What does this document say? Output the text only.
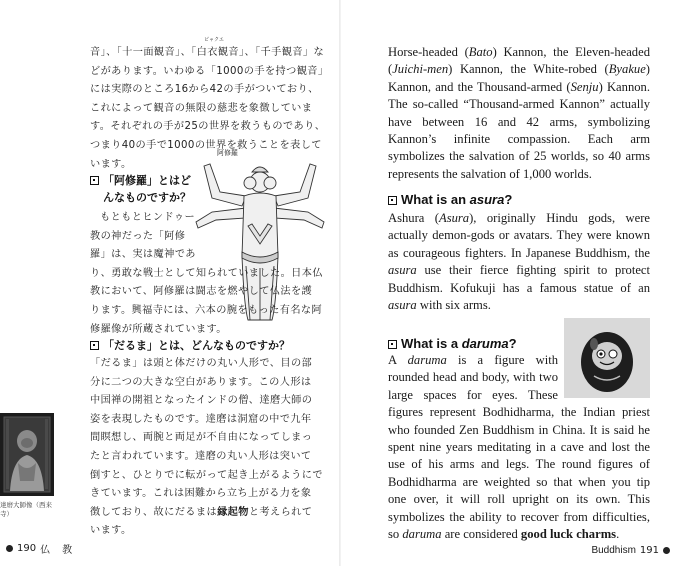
ビャクエ

音」、「十一面観音」、「白衣観音」、「千手観音」な

どがあります。いわゆる「1000の手を持つ観音」

には実際のところ16から42の手がついており、

これによって観音の無限の慈悲を象徴していま

す。それぞれの手が25の世界を救うものであり、

つまり40の手で1000の世界を救うことを表して

います。

阿修羅
「阿修羅」とはど
んなものですか？

もともとヒンドゥー

教の神だった「阿修

羅」は、実は魔神であ

り、勇敢な戦士として知られていました。日本仏

教において、阿修羅は闘志を燃やして仏法を護

ります。興福寺には、六本の腕をもった有名な阿

修羅像が所蔵されています。

「だるま」とは、どんなものですか？

「だるま」は頭と体だけの丸い人形で、目の部

分に二つの大きな空白があります。この人形は

中国禅の開祖となったインドの僧、達磨大師の

姿を表現したものです。達磨は洞窟の中で九年

間瞑想し、両腕と両足が不自由になってしまっ

たと言われています。達磨の丸い人形は突いて

倒すと、ひとりでに転がって起き上がるようにで

きています。これは困難から立ち上がる力を象

徴しており、故にだるまは縁起物と考えられて

います。

達磨大師像（西来寺）
190 仏　教

Horse-headed (Bato) Kannon, the Eleven-headed (Juichi-men) Kannon, the White-robed (Byakue) Kannon, and the Thousand-armed (Senju) Kannon. The so-called “Thousand-armed Kannon” actually have between 16 and 42 arms, symbolizing Kannon’s infinite compassion. Each arm symbolizes the salvation of 25 worlds, so 40 arms represents the salvation of 1,000 worlds.

What is an asura?

Ashura (Asura), originally Hindu gods, were actually demon-gods or avatars. They were known as courageous fighters. In Japanese Buddhism, the asura use their fierce fighting spirit to protect Buddhism. Kofukuji has a famous statue of an asura with six arms.

What is a daruma?

A daruma is a figure with rounded head and body, with two large spaces for eyes. These figures represent Bodhidharma, the Indian priest who founded Zen Buddhism in China. It is said he spent nine years meditating in a cave and lost the use of his arms and legs. The round figures of Bodhidharma are weighted so that when you tip one over, it will roll upright on its own. This symbolizes the ability to recover from difficulties, so daruma are considered good luck charms.

Buddhism 191
